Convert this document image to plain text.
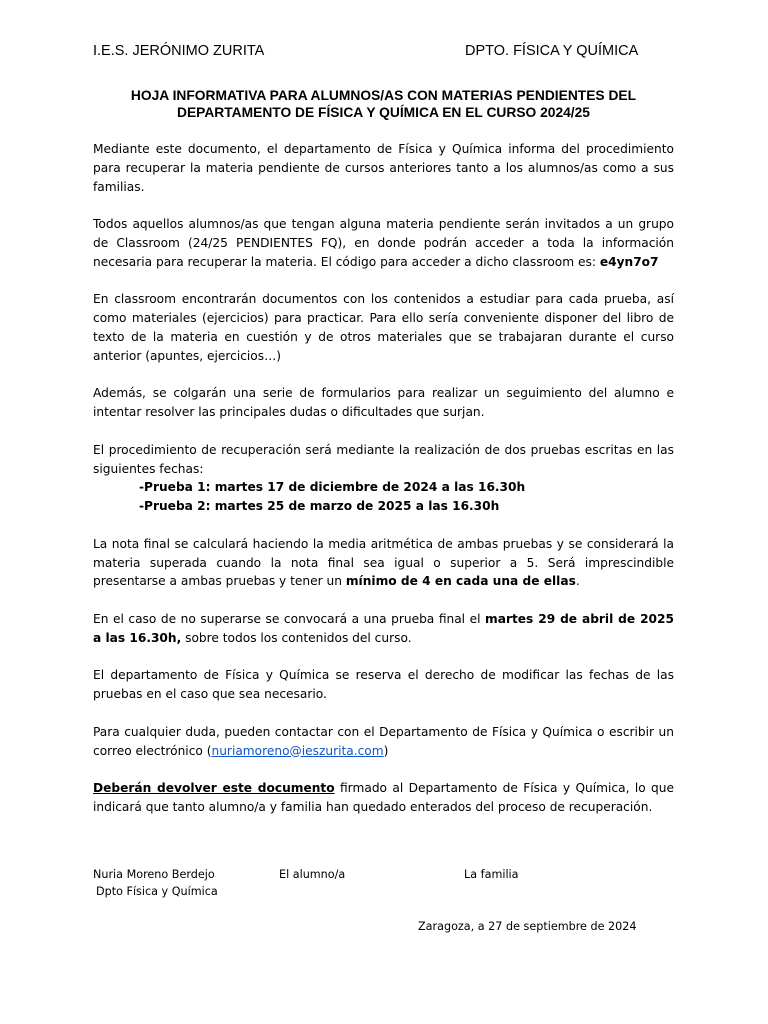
I.E.S. JERÓNIMO ZURITA	DPTO. FÍSICA Y QUÍMICA
HOJA INFORMATIVA PARA ALUMNOS/AS CON MATERIAS PENDIENTES DEL
DEPARTAMENTO DE FÍSICA Y QUÍMICA EN EL CURSO 2024/25

Mediante este documento, el departamento de Física y Química informa del procedimiento para recuperar la materia pendiente de cursos anteriores tanto a los alumnos/as como a sus familias.

Todos aquellos alumnos/as que tengan alguna materia pendiente serán invitados a un grupo de Classroom (24/25 PENDIENTES FQ), en donde podrán acceder a toda la información necesaria para recuperar la materia. El código para acceder a dicho classroom es: e4yn7o7

En classroom encontrarán documentos con los contenidos a estudiar para cada prueba, así como materiales (ejercicios) para practicar. Para ello sería conveniente disponer del libro de texto de la materia en cuestión y de otros materiales que se trabajaran durante el curso anterior (apuntes, ejercicios…)

Además, se colgarán una serie de formularios para realizar un seguimiento del alumno e intentar resolver las principales dudas o dificultades que surjan.

El procedimiento de recuperación será mediante la realización de dos pruebas escritas en las siguientes fechas:

-Prueba 1: martes 17 de diciembre de 2024 a las 16.30h
-Prueba 2: martes 25 de marzo de 2025 a las 16.30h

La nota final se calculará haciendo la media aritmética de ambas pruebas y se considerará la materia superada cuando la nota final sea igual o superior a 5. Será imprescindible presentarse a ambas pruebas y tener un mínimo de 4 en cada una de ellas.

En el caso de no superarse se convocará a una prueba final el martes 29 de abril de 2025 a las 16.30h, sobre todos los contenidos del curso.

El departamento de Física y Química se reserva el derecho de modificar las fechas de las pruebas en el caso que sea necesario.

Para cualquier duda, pueden contactar con el Departamento de Física y Química o escribir un correo electrónico (nuriamoreno@ieszurita.com)

Deberán devolver este documento firmado al Departamento de Física y Química, lo que indicará que tanto alumno/a y familia han quedado enterados del proceso de recuperación.

Nuria Moreno Berdejo
Dpto Física y Química
El alumno/a	La familia
Zaragoza, a 27 de septiembre de 2024
